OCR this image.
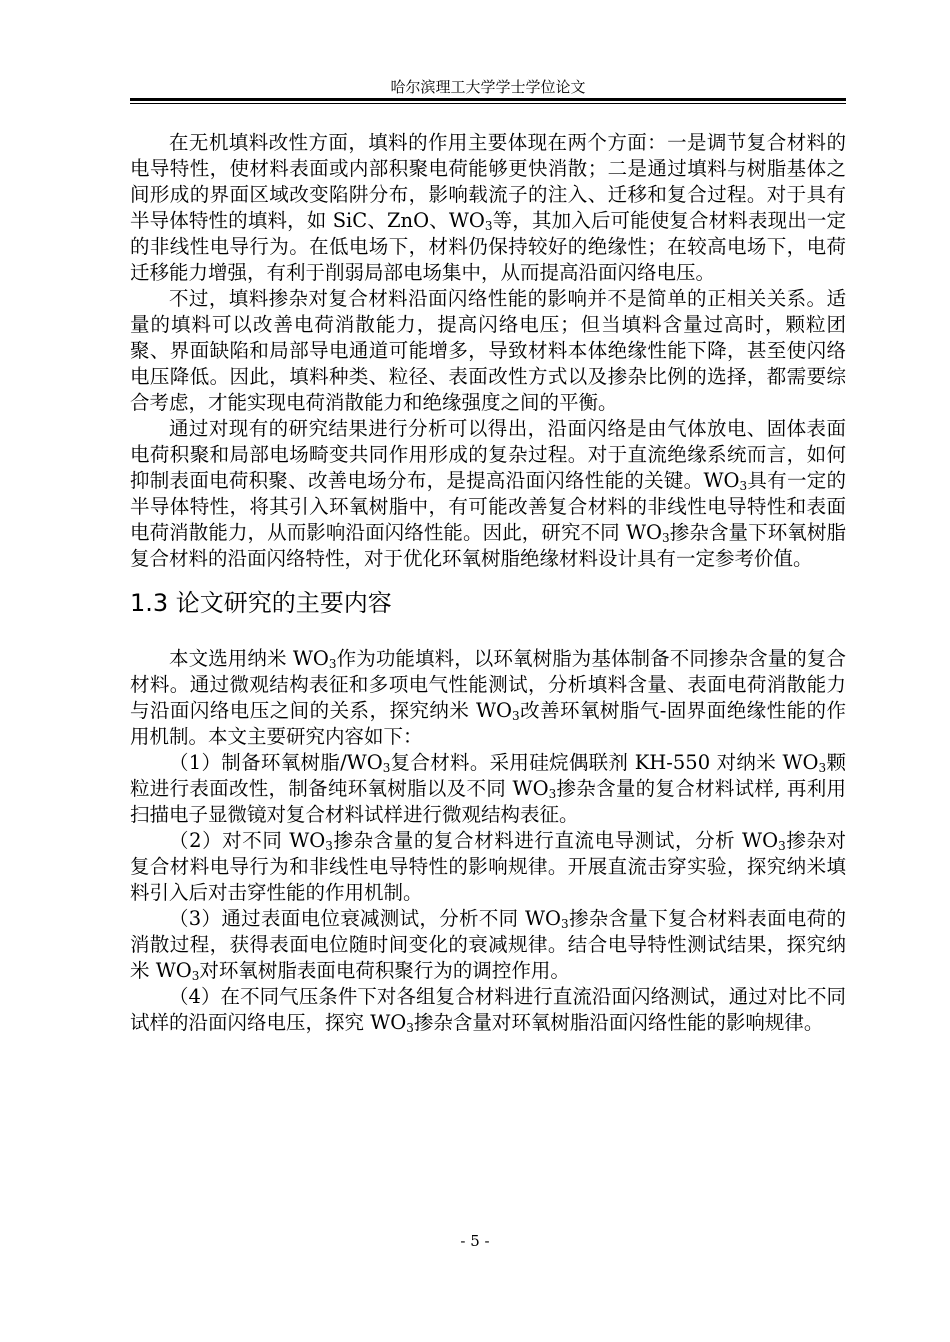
哈尔滨理工大学学士学位论文

在无机填料改性方面，填料的作用主要体现在两个方面：一是调节复合材料的电导特性，使材料表面或内部积聚电荷能够更快消散；二是通过填料与树脂基体之间形成的界面区域改变陷阱分布，影响载流子的注入、迁移和复合过程。对于具有半导体特性的填料，如 SiC、ZnO、$WO_3$等，其加入后可能使复合材料表现出一定的非线性电导行为。在低电场下，材料仍保持较好的绝缘性；在较高电场下，电荷迁移能力增强，有利于削弱局部电场集中，从而提高沿面闪络电压。

不过，填料掺杂对复合材料沿面闪络性能的影响并不是简单的正相关关系。适量的填料可以改善电荷消散能力，提高闪络电压；但当填料含量过高时，颗粒团聚、界面缺陷和局部导电通道可能增多，导致材料本体绝缘性能下降，甚至使闪络电压降低。因此，填料种类、粒径、表面改性方式以及掺杂比例的选择，都需要综合考虑，才能实现电荷消散能力和绝缘强度之间的平衡。

通过对现有的研究结果进行分析可以得出，沿面闪络是由气体放电、固体表面电荷积聚和局部电场畸变共同作用形成的复杂过程。对于直流绝缘系统而言，如何抑制表面电荷积聚、改善电场分布，是提高沿面闪络性能的关键。$WO_3$具有一定的半导体特性，将其引入环氧树脂中，有可能改善复合材料的非线性电导特性和表面电荷消散能力，从而影响沿面闪络性能。因此，研究不同 $WO_3$掺杂含量下环氧树脂复合材料的沿面闪络特性，对于优化环氧树脂绝缘材料设计具有一定参考价值。

1.3 论文研究的主要内容

本文选用纳米 $WO_3$作为功能填料，以环氧树脂为基体制备不同掺杂含量的复合材料。通过微观结构表征和多项电气性能测试，分析填料含量、表面电荷消散能力与沿面闪络电压之间的关系，探究纳米 $WO_3$改善环氧树脂气-固界面绝缘性能的作用机制。本文主要研究内容如下：

（1）制备环氧树脂$/WO_3$复合材料。采用硅烷偶联剂 KH-550 对纳米 $WO_3$颗粒进行表面改性，制备纯环氧树脂以及不同 $WO_3$掺杂含量的复合材料试样, 再利用扫描电子显微镜对复合材料试样进行微观结构表征。

（2）对不同 $WO_3$掺杂含量的复合材料进行直流电导测试，分析 $WO_3$掺杂对复合材料电导行为和非线性电导特性的影响规律。开展直流击穿实验，探究纳米填料引入后对击穿性能的作用机制。

（3）通过表面电位衰减测试，分析不同 $WO_3$掺杂含量下复合材料表面电荷的消散过程，获得表面电位随时间变化的衰减规律。结合电导特性测试结果，探究纳米 $WO_3$对环氧树脂表面电荷积聚行为的调控作用。

（4）在不同气压条件下对各组复合材料进行直流沿面闪络测试，通过对比不同试样的沿面闪络电压，探究 $WO_3$掺杂含量对环氧树脂沿面闪络性能的影响规律。

- 5 -
